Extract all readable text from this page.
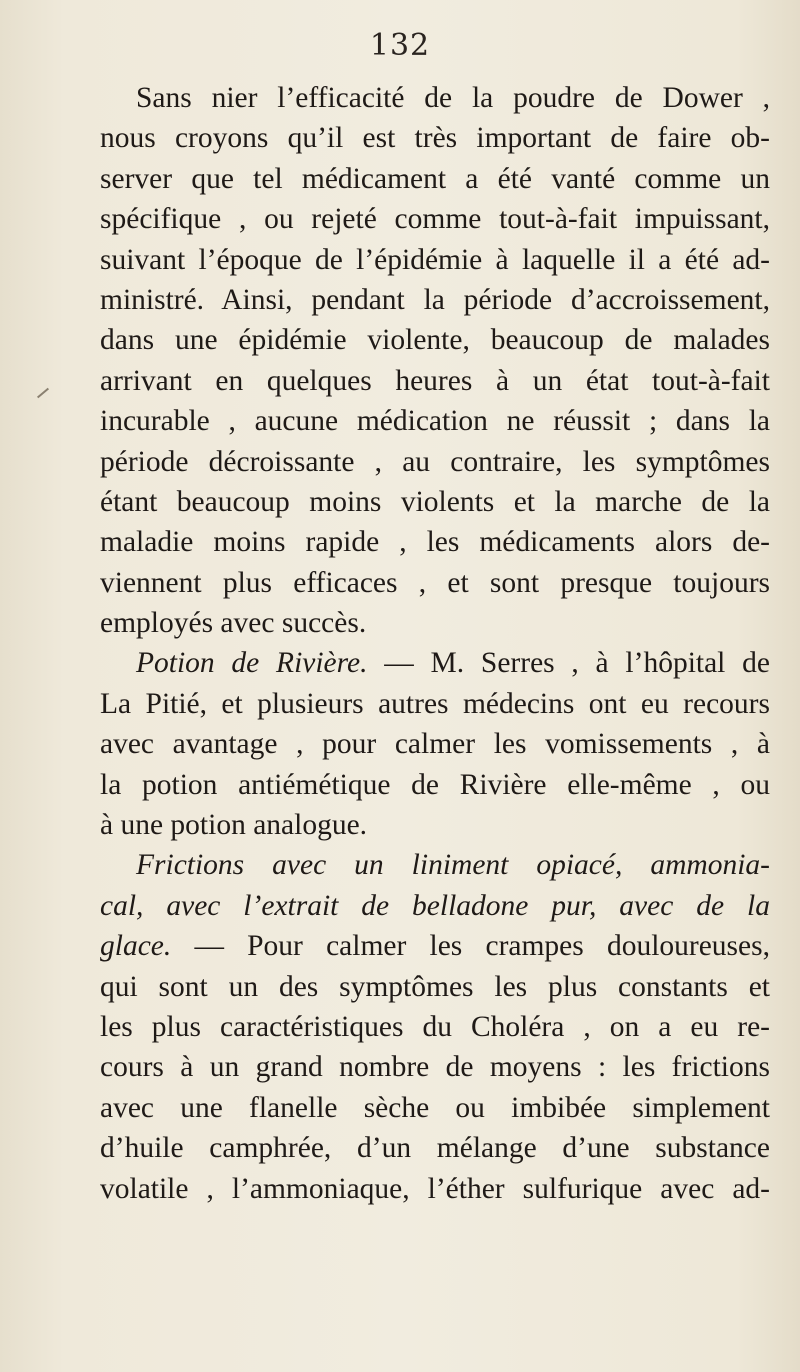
132
Sans nier l’efficacité de la poudre de Dower ,
nous croyons qu’il est très important de faire ob-
server que tel médicament a été vanté comme un
spécifique , ou rejeté comme tout-à-fait impuissant,
suivant l’époque de l’épidémie à laquelle il a été ad-
ministré. Ainsi, pendant la période d’accroissement,
dans une épidémie violente, beaucoup de malades
arrivant en quelques heures à un état tout-à-fait
incurable , aucune médication ne réussit ; dans la
période décroissante , au contraire, les symptômes
étant beaucoup moins violents et la marche de la
maladie moins rapide , les médicaments alors de-
viennent plus efficaces , et sont presque toujours
employés avec succès.
Potion de Rivière. — M. Serres , à l’hôpital de
La Pitié, et plusieurs autres médecins ont eu recours
avec avantage , pour calmer les vomissements , à
la potion antiémétique de Rivière elle-même , ou
à une potion analogue.
Frictions avec un liniment opiacé, ammonia-
cal, avec l’extrait de belladone pur, avec de la
glace. — Pour calmer les crampes douloureuses,
qui sont un des symptômes les plus constants et
les plus caractéristiques du Choléra , on a eu re-
cours à un grand nombre de moyens : les frictions
avec une flanelle sèche ou imbibée simplement
d’huile camphrée, d’un mélange d’une substance
volatile , l’ammoniaque, l’éther sulfurique avec ad-
